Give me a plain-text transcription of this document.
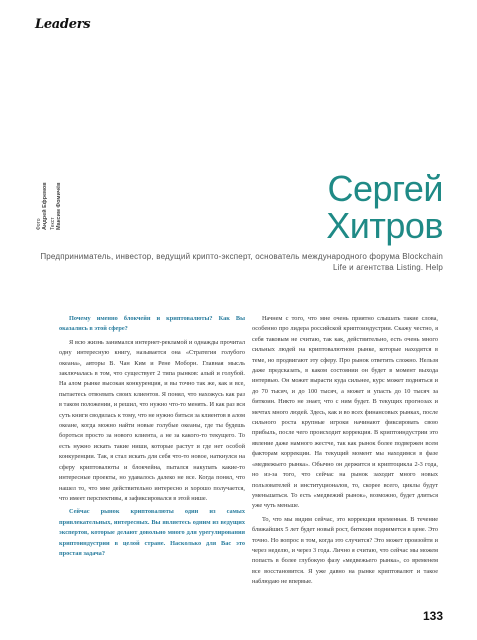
Leaders
Фото Андрей Ефремов Текст Максим Фомичёв	Сергей
Хитров
Предприниматель, инвестор, ведущий крипто-эксперт, основатель международного форума Blockchain Life и агентства Listing. Help

Почему именно блокчейн и криптовалюты? Как Вы оказались в этой сфере?

Я всю жизнь занимался интернет-рекламой и однажды прочитал одну интересную книгу, называется она «Стратегия голубого океана», авторы В. Чан Ким и Рене Моборн. Главная мысль заключалась в том, что существует 2 типа рынков: алый и голубой. На алом рынке высокая конкуренция, и вы точно так же, как и все, пытаетесь отвоевать своих клиентов. Я понял, что нахожусь как раз в таком положении, и решил, что нужно что-то менять. И как раз вся суть книги сводилась к тому, что не нужно биться за клиентов в алом океане, когда можно найти новые голубые океаны, где ты будешь бороться просто за нового клиента, а не за какого-то текущего. То есть нужно искать такие ниши, которые растут и где нет особой конкуренции. Так, я стал искать для себя что-то новое, наткнулся на сферу криптовалюты и блокчейна, пытался накупать какие-то интересные проекты, но удавалось далеко не все. Когда понял, что нашел то, что мне действительно интересно и хорошо получается, что имеет перспективы, я зафиксировался в этой нише.

Сейчас рынок криптовалюты один из самых привлекательных, интересных. Вы являетесь одним из ведущих экспертов, которые делают довольно много для урегулирования криптоиндустрии в целой стране. Насколько для Вас это простая задача?

Начнем с того, что мне очень приятно слышать такие слова, особенно про лидера российской криптоиндустрии. Скажу честно, я себя таковым не считаю, так как, действительно, есть очень много сильных людей на криптовалютном рынке, которые находятся в теме, но продвигают эту сферу. Про рынок ответить сложно. Нельзя даже предсказать, в каком состоянии он будет в момент выхода интервью. Он может вырасти куда сильнее, курс может подняться и до 70 тысяч, и до 100 тысяч, а может и упасть до 10 тысяч за биткоин. Никто не знает, что с ним будет. В текущих прогнозах и мечтах много людей. Здесь, как и во всех финансовых рынках, после сильного роста крупные игроки начинают фиксировать свою прибыль, после чего происходит коррекция. В криптоиндустрии это явление даже намного жестче, так как рынок более подвержен всем факторам коррекции. На текущий момент мы находимся в фазе «медвежьего рынка». Обычно он держится и криптоцикла 2-3 года, но из-за того, что сейчас на рынок заходит много новых пользователей и институционалов, то, скорее всего, циклы будут уменьшаться. То есть «медвежий рынок», возможно, будет длиться уже чуть меньше.

То, что мы видим сейчас, это коррекция временная. В течение ближайших 5 лет будет новый рост, биткоин поднимется в цене. Это точно. Но вопрос в том, когда это случится? Это может произойти и через неделю, и через 3 года. Лично я считаю, что сейчас мы можем попасть в более глубокую фазу «медвежьего рынка», со временем все восстановится. Я уже давно на рынке криптовалют и такое наблюдаю не впервые.

133
